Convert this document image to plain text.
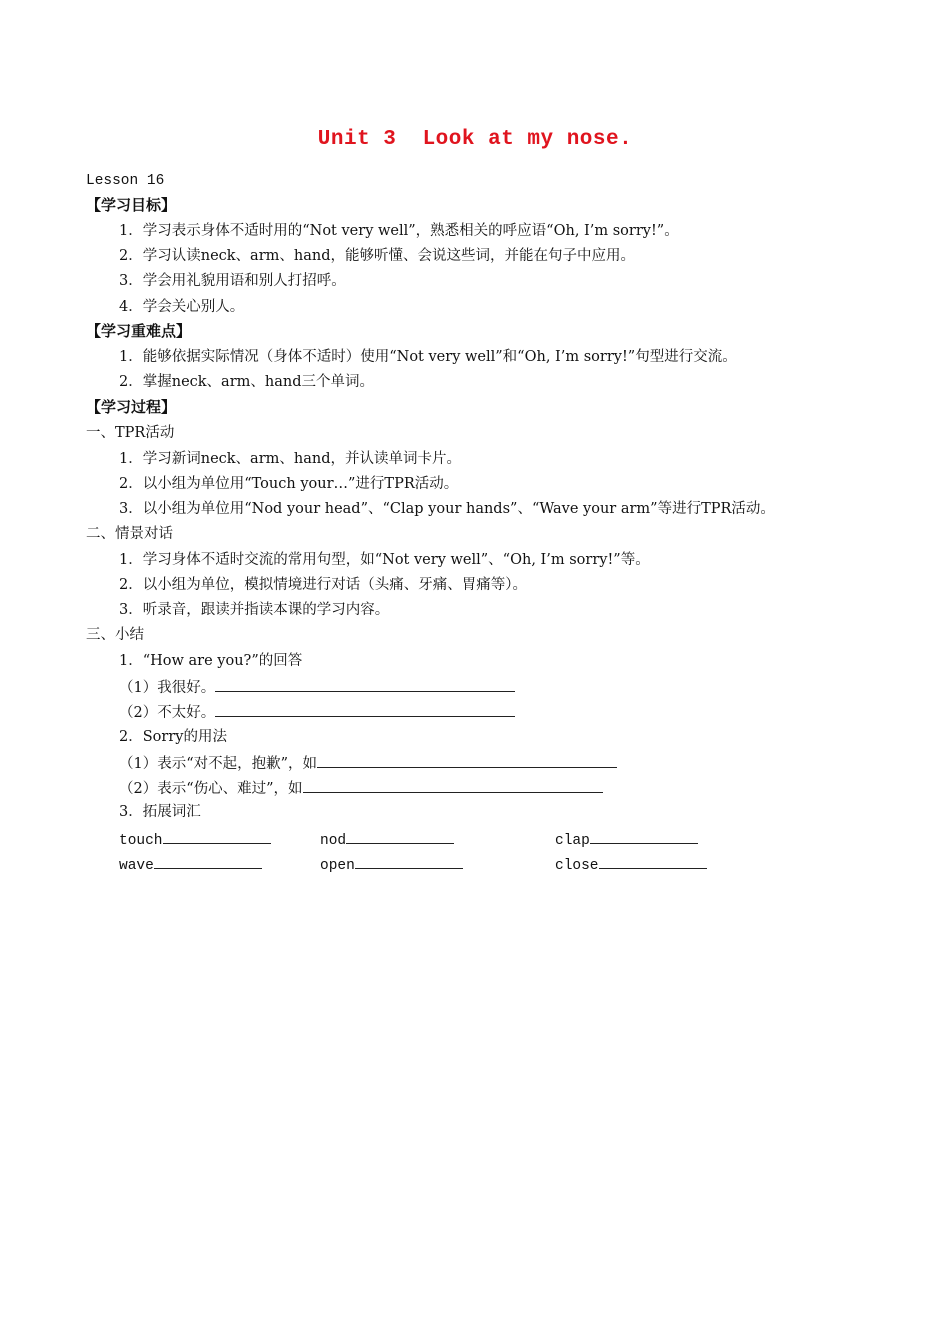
Unit 3  Look at my nose.
Lesson 16
【学习目标】
1．学习表示身体不适时用的“Not very well”，熟悉相关的呼应语“Oh, I’m sorry!”。
2．学习认读neck、arm、hand，能够听懂、会说这些词，并能在句子中应用。
3．学会用礼貌用语和别人打招呼。
4．学会关心别人。
【学习重难点】
1．能够依据实际情况（身体不适时）使用“Not very well”和“Oh, I’m sorry!”句型进行交流。
2．掌握neck、arm、hand三个单词。
【学习过程】
一、TPR活动
1．学习新词neck、arm、hand，并认读单词卡片。
2．以小组为单位用“Touch your…”进行TPR活动。
3．以小组为单位用“Nod your head”、“Clap your hands”、“Wave your arm”等进行TPR活动。
二、情景对话
1．学习身体不适时交流的常用句型，如“Not very well”、“Oh, I’m sorry!”等。
2．以小组为单位，模拟情境进行对话（头痛、牙痛、胃痛等）。
3．听录音，跟读并指读本课的学习内容。
三、小结
1．“How are you?”的回答
（1）我很好。
（2）不太好。
2．Sorry的用法
（1）表示“对不起，抱歉”，如
（2）表示“伤心、难过”，如
3．拓展词汇
touch	nod	clap
wave	open	close
